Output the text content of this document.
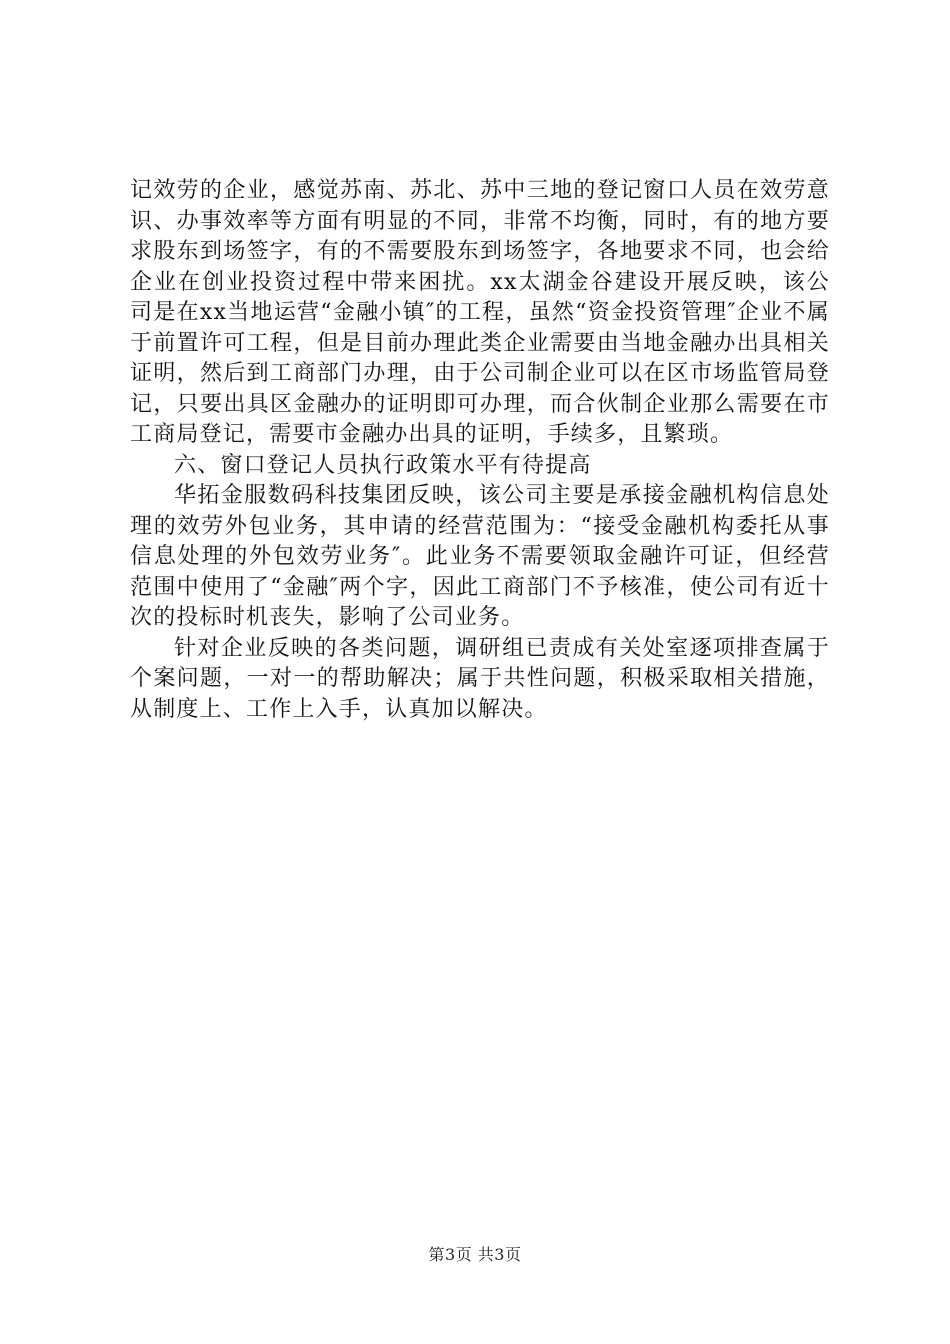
记效劳的企业，感觉苏南、苏北、苏中三地的登记窗口人员在效劳意识、办事效率等方面有明显的不同，非常不均衡，同时，有的地方要求股东到场签字，有的不需要股东到场签字，各地要求不同，也会给企业在创业投资过程中带来困扰。xx太湖金谷建设开展反映，该公司是在xx当地运营“金融小镇″的工程，虽然“资金投资管理″企业不属于前置许可工程，但是目前办理此类企业需要由当地金融办出具相关证明，然后到工商部门办理，由于公司制企业可以在区市场监管局登记，只要出具区金融办的证明即可办理，而合伙制企业那么需要在市工商局登记，需要市金融办出具的证明，手续多，且繁琐。

六、窗口登记人员执行政策水平有待提高

华拓金服数码科技集团反映，该公司主要是承接金融机构信息处理的效劳外包业务，其申请的经营范围为：“接受金融机构委托从事信息处理的外包效劳业务″。此业务不需要领取金融许可证，但经营范围中使用了“金融″两个字，因此工商部门不予核准，使公司有近十次的投标时机丧失，影响了公司业务。

针对企业反映的各类问题，调研组已责成有关处室逐项排查属于个案问题，一对一的帮助解决；属于共性问题，积极采取相关措施，从制度上、工作上入手，认真加以解决。

第3页 共3页
